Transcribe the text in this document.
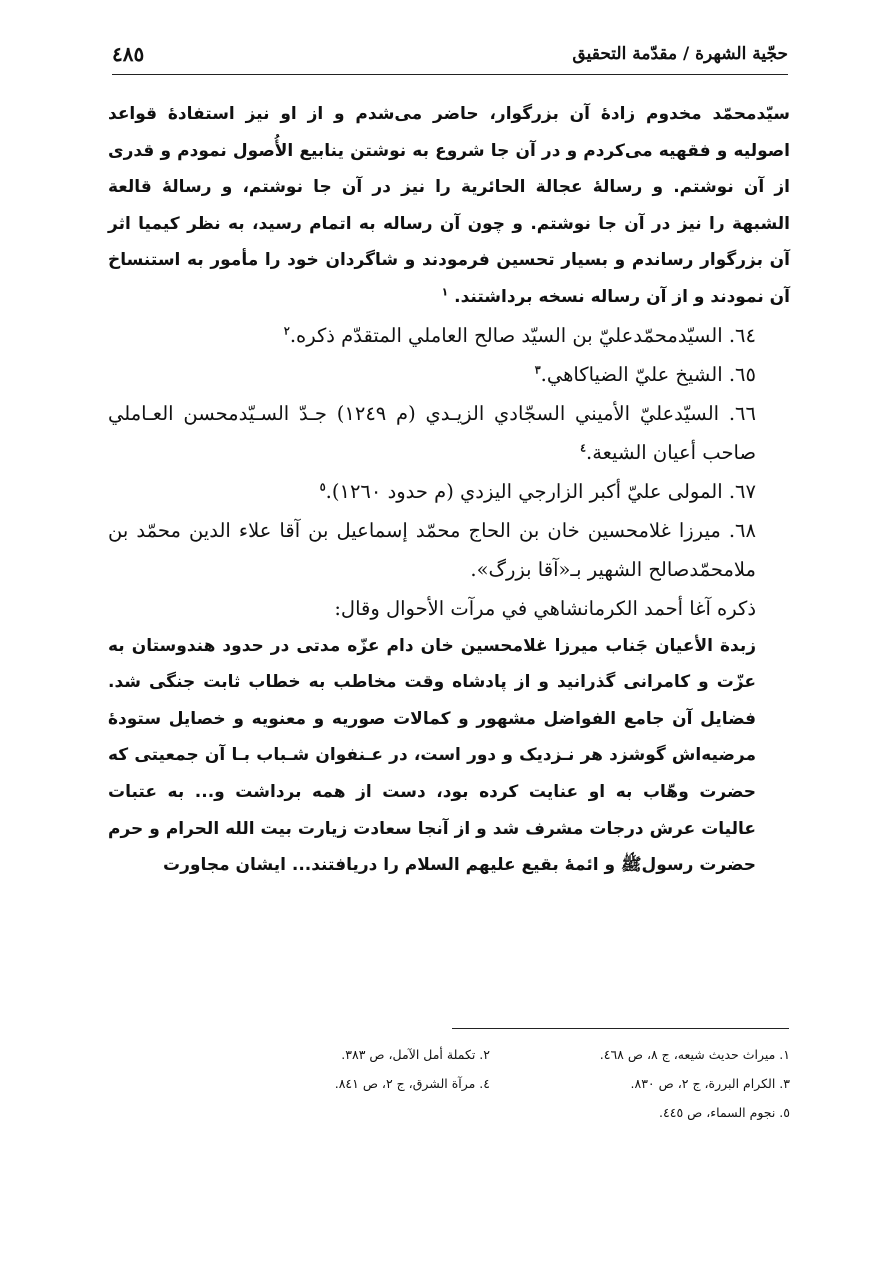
حجّية الشهرة / مقدّمة التحقيق
٤٨٥

سيّدمحمّد مخدوم زادهٔ آن بزرگوار، حاضر می‌شدم و از او نیز استفادهٔ قواعد اصولیه و فقهیه می‌کردم و در آن جا شروع به نوشتن ینابیع الأُصول نمودم و قدری از آن نوشتم. و رسالهٔ عجالة الحائرية را نیز در آن جا نوشتم، و رسالهٔ قالعة الشبهة را نیز در آن جا نوشتم. و چون آن رساله به اتمام رسید، به نظر کیمیا اثر آن بزرگوار رساندم و بسیار تحسین فرمودند و شاگردان خود را مأمور به استنساخ آن نمودند و از آن رساله نسخه برداشتند. $^١$

٦٤. السيّدمحمّدعليّ بن السيّد صالح العاملي المتقدّم ذكره.$^٢$

٦٥. الشيخ عليّ الضياكاهي.$^٣$

٦٦. السيّدعليّ الأميني السجّادي الزيـدي (م ١٢٤٩) جـدّ السـيّدمحسن العـاملي صاحب أعيان الشيعة.$^٤$

٦٧. المولى عليّ أكبر الزارجي اليزدي (م حدود ١٢٦٠).$^٥$

٦٨. ميرزا غلامحسين خان بن الحاج محمّد إسماعيل بن آقا علاء الدين محمّد بن ملامحمّدصالح الشهير بـ«آقا بزرگ».

ذكره آغا أحمد الكرمانشاهي في مرآت الأحوال وقال:

زبدة الأعيان جَناب ميرزا غلامحسین خان دام عزّه مدتی در حدود هندوستان به عزّت و كامرانی گذرانید و از پادشاه وقت مخاطب به خطاب ثابت جنگی شد. فضایل آن جامع الفواضل مشهور و كمالات صوریه و معنویه و خصایل ستودهٔ مرضیه‌اش گوشزد هر نـزدیک و دور است، در عـنفوان شـباب بـا آن جمعیتی كه حضرت وهّاب به او عنایت كرده بود، دست از همه برداشت و... به عتبات عالیات عرش درجات مشرف شد و از آنجا سعادت زیارت بیت الله الحرام و حرم حضرت رسولﷺ و ائمهٔ بقیع عليهم السلام را دریافتند... ایشان مجاورت

١. ميراث حديث شيعه، ج ٨، ص ٤٦٨.
٢. تكملة أمل الآمل، ص ٣٨٣.
٣. الكرام البررة، ج ٢، ص ٨٣٠.
٤. مرآة الشرق، ج ٢، ص ٨٤١.
٥. نجوم السماء، ص ٤٤٥.
